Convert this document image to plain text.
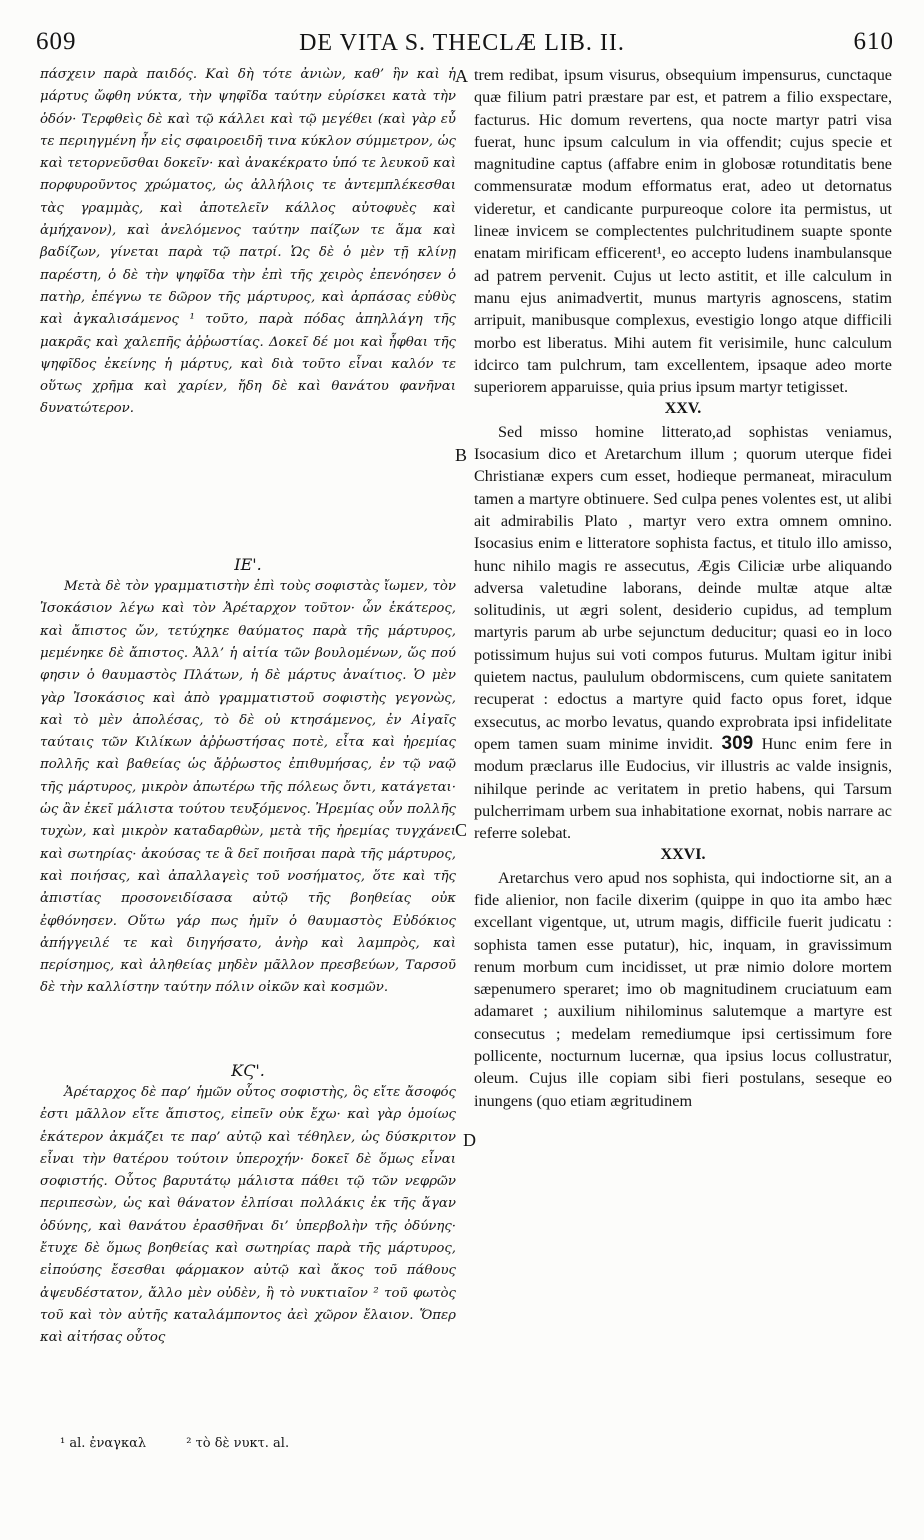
609	DE VITA S. THECLÆ LIB. II.	610

πάσχειν παρὰ παιδός. Καὶ δὴ τότε ἀνιὼν, καθ’ ἣν καὶ ἡ μάρτυς ὤφθη νύκτα, τὴν ψηφῖδα ταύτην εὑρίσκει κατὰ τὴν ὁδόν· Τερφθεὶς δὲ καὶ τῷ κάλλει καὶ τῷ μεγέθει (καὶ γὰρ εὖ τε περιηγμένη ἦν εἰς σφαιροειδῆ τινα κύκλον σύμμετρον, ὡς καὶ τετορνεῦσθαι δοκεῖν· καὶ ἀνακέκρατο ὑπό τε λευκοῦ καὶ πορφυροῦντος χρώματος, ὡς ἀλλήλοις τε ἀντεμπλέκεσθαι τὰς γραμμὰς, καὶ ἀποτελεῖν κάλλος αὐτοφυὲς καὶ ἀμήχανον), καὶ ἀνελόμενος ταύτην παίζων τε ἅμα καὶ βαδίζων, γίνεται παρὰ τῷ πατρί. Ὡς δὲ ὁ μὲν τῇ κλίνῃ παρέστη, ὁ δὲ τὴν ψηφῖδα τὴν ἐπὶ τῆς χειρὸς ἐπενόησεν ὁ πατὴρ, ἐπέγνω τε δῶρον τῆς μάρτυρος, καὶ ἁρπάσας εὐθὺς καὶ ἀγκαλισάμενος ¹ τοῦτο, παρὰ πόδας ἀπηλλάγη τῆς μακρᾶς καὶ χαλεπῆς ἀῤῥωστίας. Δοκεῖ δέ μοι καὶ ἧφθαι τῆς ψηφῖδος ἐκείνης ἡ μάρτυς, καὶ διὰ τοῦτο εἶναι καλόν τε οὕτως χρῆμα καὶ χαρίεν, ἤδη δὲ καὶ θανάτου φανῆναι δυνατώτερον.

ΙΕ'.

Μετὰ δὲ τὸν γραμματιστὴν ἐπὶ τοὺς σοφιστὰς ἴωμεν, τὸν Ἰσοκάσιον λέγω καὶ τὸν Ἀρέταρχον τοῦτον· ὧν ἑκάτερος, καὶ ἄπιστος ὤν, τετύχηκε θαύματος παρὰ τῆς μάρτυρος, μεμένηκε δὲ ἄπιστος. Ἀλλ’ ἡ αἰτία τῶν βουλομένων, ὥς πού φησιν ὁ θαυμαστὸς Πλάτων, ἡ δὲ μάρτυς ἀναίτιος. Ὁ μὲν γὰρ Ἰσοκάσιος καὶ ἀπὸ γραμματιστοῦ σοφιστὴς γεγονὼς, καὶ τὸ μὲν ἀπολέσας, τὸ δὲ οὐ κτησάμενος, ἐν Αἰγαῖς ταύταις τῶν Κιλίκων ἀῤῥωστήσας ποτὲ, εἶτα καὶ ἠρεμίας πολλῆς καὶ βαθείας ὡς ἄῤῥωστος ἐπιθυμήσας, ἐν τῷ ναῷ τῆς μάρτυρος, μικρὸν ἀπωτέρω τῆς πόλεως ὄντι, κατάγεται· ὡς ἂν ἐκεῖ μάλιστα τούτου τευξόμενος. Ἠρεμίας οὖν πολλῆς τυχὼν, καὶ μικρὸν καταδαρθὼν, μετὰ τῆς ἠρεμίας τυγχάνει καὶ σωτηρίας· ἀκούσας τε ἃ δεῖ ποιῆσαι παρὰ τῆς μάρτυρος, καὶ ποιήσας, καὶ ἀπαλλαγεὶς τοῦ νοσήματος, ὅτε καὶ τῆς ἀπιστίας προσονειδίσασα αὐτῷ τῆς βοηθείας οὐκ ἐφθόνησεν. Οὕτω γάρ πως ἡμῖν ὁ θαυμαστὸς Εὐδόκιος ἀπήγγειλέ τε καὶ διηγήσατο, ἀνὴρ καὶ λαμπρὸς, καὶ περίσημος, καὶ ἀληθείας μηδὲν μᾶλλον πρεσβεύων, Ταρσοῦ δὲ τὴν καλλίστην ταύτην πόλιν οἰκῶν καὶ κοσμῶν.

ΚϚ'.

Ἀρέταρχος δὲ παρ’ ἡμῶν οὗτος σοφιστὴς, ὃς εἴτε ἄσοφός ἐστι μᾶλλον εἴτε ἄπιστος, εἰπεῖν οὐκ ἔχω· καὶ γὰρ ὁμοίως ἑκάτερον ἀκμάζει τε παρ’ αὐτῷ καὶ τέθηλεν, ὡς δύσκριτον εἶναι τὴν θατέρου τούτοιν ὑπεροχήν· δοκεῖ δὲ ὅμως εἶναι σοφιστής. Οὗτος βαρυτάτῳ μάλιστα πάθει τῷ τῶν νεφρῶν περιπεσὼν, ὡς καὶ θάνατον ἐλπίσαι πολλάκις ἐκ τῆς ἄγαν ὀδύνης, καὶ θανάτου ἐρασθῆναι δι’ ὑπερβολὴν τῆς ὀδύνης· ἔτυχε δὲ ὅμως βοηθείας καὶ σωτηρίας παρὰ τῆς μάρτυρος, εἰπούσης ἔσεσθαι φάρμακον αὐτῷ καὶ ἄκος τοῦ πάθους ἀψευδέστατον, ἄλλο μὲν οὐδὲν, ἢ τὸ νυκτιαῖον ² τοῦ φωτὸς τοῦ καὶ τὸν αὐτῆς καταλάμποντος ἀεὶ χῶρον ἔλαιον. Ὅπερ καὶ αἰτήσας οὗτος

trem redibat, ipsum visurus, obsequium impensurus, cunctaque quæ filium patri præstare par est, et patrem a filio exspectare, facturus. Hic domum revertens, qua nocte martyr patri visa fuerat, hunc ipsum calculum in via offendit; cujus specie et magnitudine captus (affabre enim in globosæ rotunditatis bene commensuratæ modum efformatus erat, adeo ut detornatus videretur, et candicante purpureoque colore ita permistus, ut lineæ invicem se complectentes pulchritudinem suapte sponte enatam mirificam efficerent¹, eo accepto ludens inambulansque ad patrem pervenit. Cujus ut lecto astitit, et ille calculum in manu ejus animadvertit, munus martyris agnoscens, statim arripuit, manibusque complexus, evestigio longo atque difficili morbo est liberatus. Mihi autem fit verisimile, hunc calculum idcirco tam pulchrum, tam excellentem, ipsaque adeo morte superiorem apparuisse, quia prius ipsum martyr tetigisset.

XXV.

Sed misso homine litterato,ad sophistas veniamus, Isocasium dico et Aretarchum illum ; quorum uterque fidei Christianæ expers cum esset, hodieque permaneat, miraculum tamen a martyre obtinuere. Sed culpa penes volentes est, ut alibi ait admirabilis Plato , martyr vero extra omnem omnino. Isocasius enim e litteratore sophista factus, et titulo illo amisso, hunc nihilo magis re assecutus, Ægis Ciliciæ urbe aliquando adversa valetudine laborans, deinde multæ atque altæ solitudinis, ut ægri solent, desiderio cupidus, ad templum martyris parum ab urbe sejunctum deducitur; quasi eo in loco potissimum hujus sui voti compos futurus. Multam igitur inibi quietem nactus, paululum obdormiscens, cum quiete sanitatem recuperat : edoctus a martyre quid facto opus foret, idque exsecutus, ac morbo levatus, quando exprobrata ipsi infidelitate opem tamen suam minime invidit. 309 Hunc enim fere in modum præclarus ille Eudocius, vir illustris ac valde insignis, nihilque perinde ac veritatem in pretio habens, qui Tarsum pulcherrimam urbem sua inhabitatione exornat, nobis narrare ac referre solebat.

XXVI.

Aretarchus vero apud nos sophista, qui indoctiorne sit, an a fide alienior, non facile dixerim (quippe in quo ita ambo hæc excellant vigentque, ut, utrum magis, difficile fuerit judicatu : sophista tamen esse putatur), hic, inquam, in gravissimum renum morbum cum incidisset, ut præ nimio dolore mortem sæpenumero speraret; imo ob magnitudinem cruciatuum eam adamaret ; auxilium nihilominus salutemque a martyre est consecutus ; medelam remediumque ipsi certissimum fore pollicente, nocturnum lucernæ, qua ipsius locus collustratur, oleum. Cujus ille copiam sibi fieri postulans, seseque eo inungens (quo etiam ægritudinem

A
B
C
D
¹ al. ἐναγκαλ	² τὸ δὲ νυκτ. al.
